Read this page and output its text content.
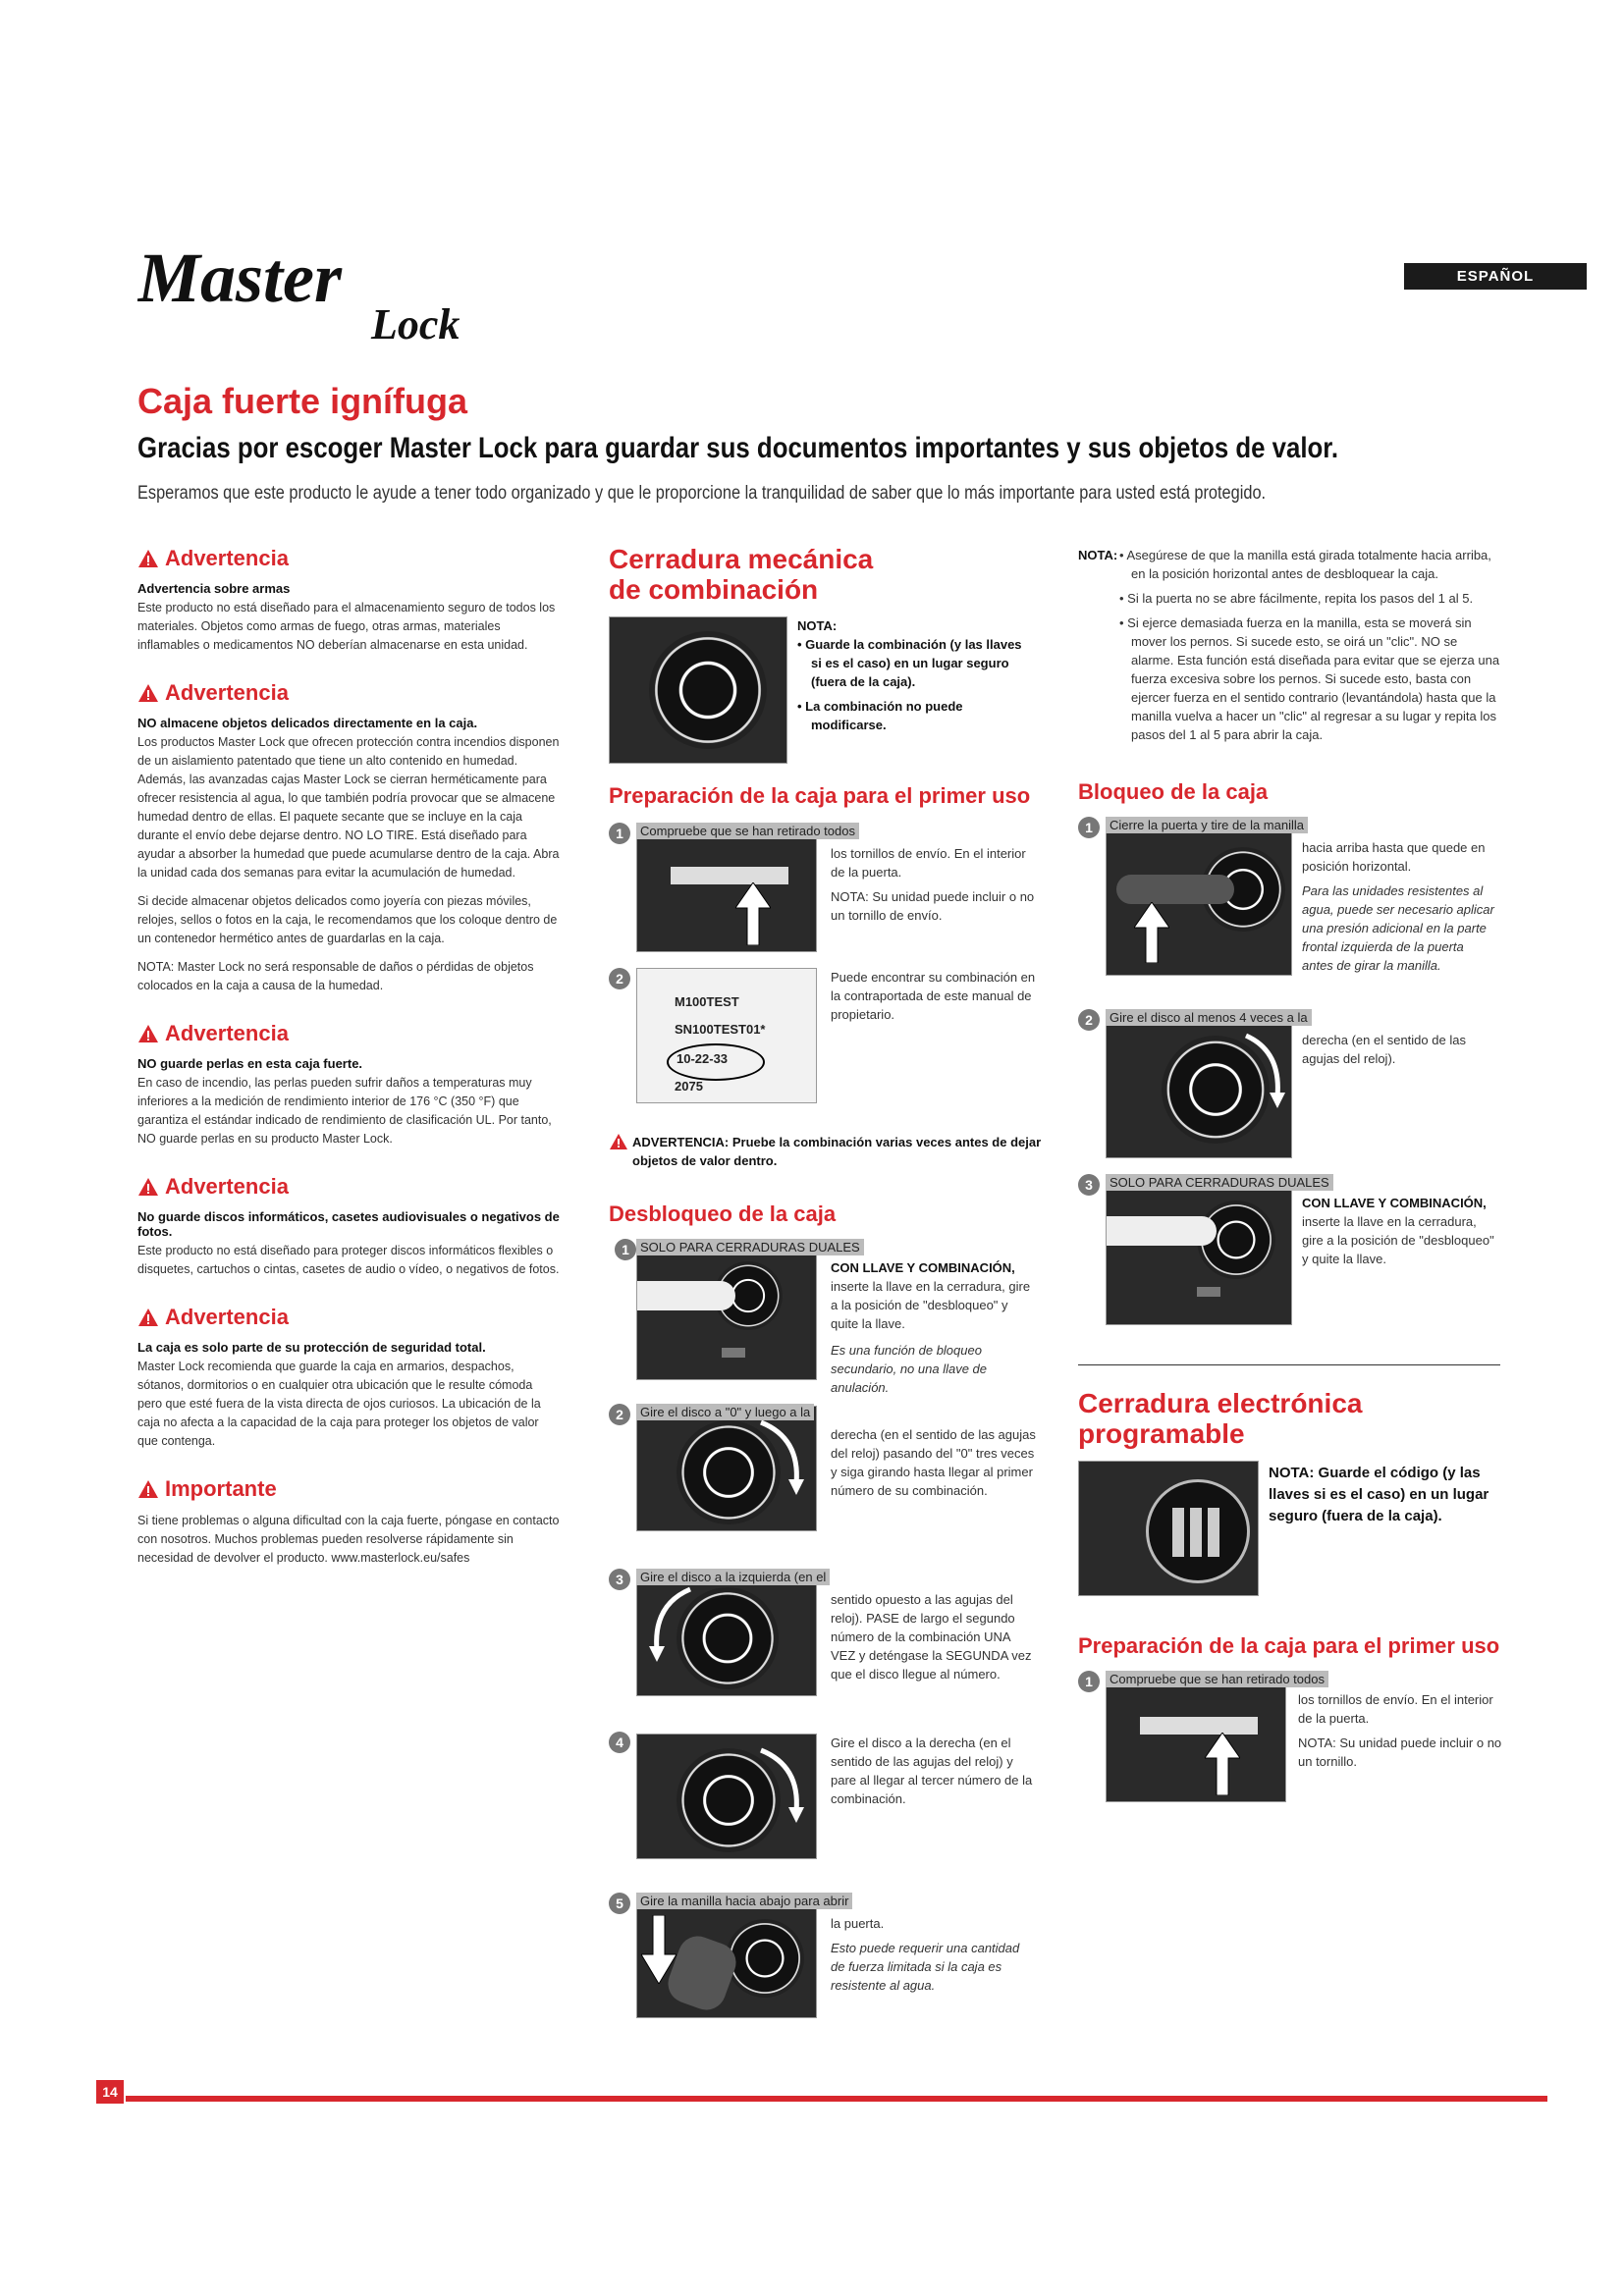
Master
Lock
ESPAÑOL
Caja fuerte ignífuga
Gracias por escoger Master Lock para guardar sus documentos importantes y sus objetos de valor.
Esperamos que este producto le ayude a tener todo organizado y que le proporcione la tranquilidad de saber que lo más importante para usted está protegido.
Advertencia
Advertencia sobre armas

Este producto no está diseñado para el almacenamiento seguro de todos los materiales. Objetos como armas de fuego, otras armas, materiales inflamables o medicamentos NO deberían almacenarse en esta unidad.

Advertencia
NO almacene objetos delicados directamente en la caja.

Los productos Master Lock que ofrecen protección contra incendios disponen de un aislamiento patentado que tiene un alto contenido en humedad. Además, las avanzadas cajas Master Lock se cierran herméticamente para ofrecer resistencia al agua, lo que también podría provocar que se almacene humedad dentro de ellas. El paquete secante que se incluye en la caja durante el envío debe dejarse dentro. NO LO TIRE. Está diseñado para ayudar a absorber la humedad que puede acumularse dentro de la caja. Abra la unidad cada dos semanas para evitar la acumulación de humedad.

Si decide almacenar objetos delicados como joyería con piezas móviles, relojes, sellos o fotos en la caja, le recomendamos que los coloque dentro de un contenedor hermético antes de guardarlas en la caja.

NOTA: Master Lock no será responsable de daños o pérdidas de objetos colocados en la caja a causa de la humedad.

Advertencia
NO guarde perlas en esta caja fuerte.

En caso de incendio, las perlas pueden sufrir daños a temperaturas muy inferiores a la medición de rendimiento interior de 176 °C (350 °F) que garantiza el estándar indicado de rendimiento de clasificación UL. Por tanto, NO guarde perlas en su producto Master Lock.

Advertencia
No guarde discos informáticos, casetes audiovisuales o negativos de fotos.

Este producto no está diseñado para proteger discos informáticos flexibles o disquetes, cartuchos o cintas, casetes de audio o vídeo, o negativos de fotos.

Advertencia
La caja es solo parte de su protección de seguridad total.

Master Lock recomienda que guarde la caja en armarios, despachos, sótanos, dormitorios o en cualquier otra ubicación que le resulte cómoda pero que esté fuera de la vista directa de ojos curiosos. La ubicación de la caja no afecta a la capacidad de la caja para proteger los objetos de valor que contenga.

Importante

Si tiene problemas o alguna dificultad con la caja fuerte, póngase en contacto con nosotros. Muchos problemas pueden resolverse rápidamente sin necesidad de devolver el producto. www.masterlock.eu/safes

Cerradura mecánica de combinación
NOTA:
• Guarde la combinación (y las llaves si es el caso) en un lugar seguro (fuera de la caja).
• La combinación no puede modificarse.
Preparación de la caja para el primer uso
1	Compruebe que se han retirado todos
los tornillos de envío. En el interior de la puerta.
NOTA: Su unidad puede incluir o no un tornillo de envío.
2
M100TEST
SN100TEST01*
10-22-33
2075
Puede encontrar su combinación en la contraportada de este manual de propietario.
ADVERTENCIA: Pruebe la combinación varias veces antes de dejar objetos de valor dentro.
Desbloqueo de la caja
1 SOLO PARA CERRADURAS DUALES
CON LLAVE Y COMBINACIÓN,
inserte la llave en la cerradura, gire a la posición de "desbloqueo" y quite la llave.
Es una función de bloqueo secundario, no una llave de anulación.
2	Gire el disco a "0" y luego a la
derecha (en el sentido de las agujas del reloj) pasando del "0" tres veces y siga girando hasta llegar al primer número de su combinación.
3	Gire el disco a la izquierda (en el
sentido opuesto a las agujas del reloj). PASE de largo el segundo número de la combinación UNA VEZ y deténgase la SEGUNDA vez que el disco llegue al número.
4	Gire el disco a la derecha (en el sentido de las agujas del reloj) y pare al llegar al tercer número de la combinación.
5	Gire la manilla hacia abajo para abrir
la puerta.
Esto puede requerir una cantidad de fuerza limitada si la caja es resistente al agua.
NOTA: • Asegúrese de que la manilla está girada totalmente hacia arriba, en la posición horizontal antes de desbloquear la caja.
• Si la puerta no se abre fácilmente, repita los pasos del 1 al 5.
• Si ejerce demasiada fuerza en la manilla, esta se moverá sin mover los pernos. Si sucede esto, se oirá un "clic". NO se alarme. Esta función está diseñada para evitar que se ejerza una fuerza excesiva sobre los pernos. Si sucede esto, basta con ejercer fuerza en el sentido contrario (levantándola) hasta que la manilla vuelva a hacer un "clic" al regresar a su lugar y repita los pasos del 1 al 5 para abrir la caja.
Bloqueo de la caja
1	Cierre la puerta y tire de la manilla
hacia arriba hasta que quede en posición horizontal.
Para las unidades resistentes al agua, puede ser necesario aplicar una presión adicional en la parte frontal izquierda de la puerta antes de girar la manilla.
2	Gire el disco al menos 4 veces a la
derecha (en el sentido de las agujas del reloj).
3	SOLO PARA CERRADURAS DUALES
CON LLAVE Y COMBINACIÓN,
inserte la llave en la cerradura, gire a la posición de "desbloqueo" y quite la llave.
Cerradura electrónica programable
NOTA: Guarde el código (y las llaves si es el caso) en un lugar seguro (fuera de la caja).
Preparación de la caja para el primer uso
1	Compruebe que se han retirado todos
los tornillos de envío. En el interior de la puerta.
NOTA: Su unidad puede incluir o no un tornillo.
14
